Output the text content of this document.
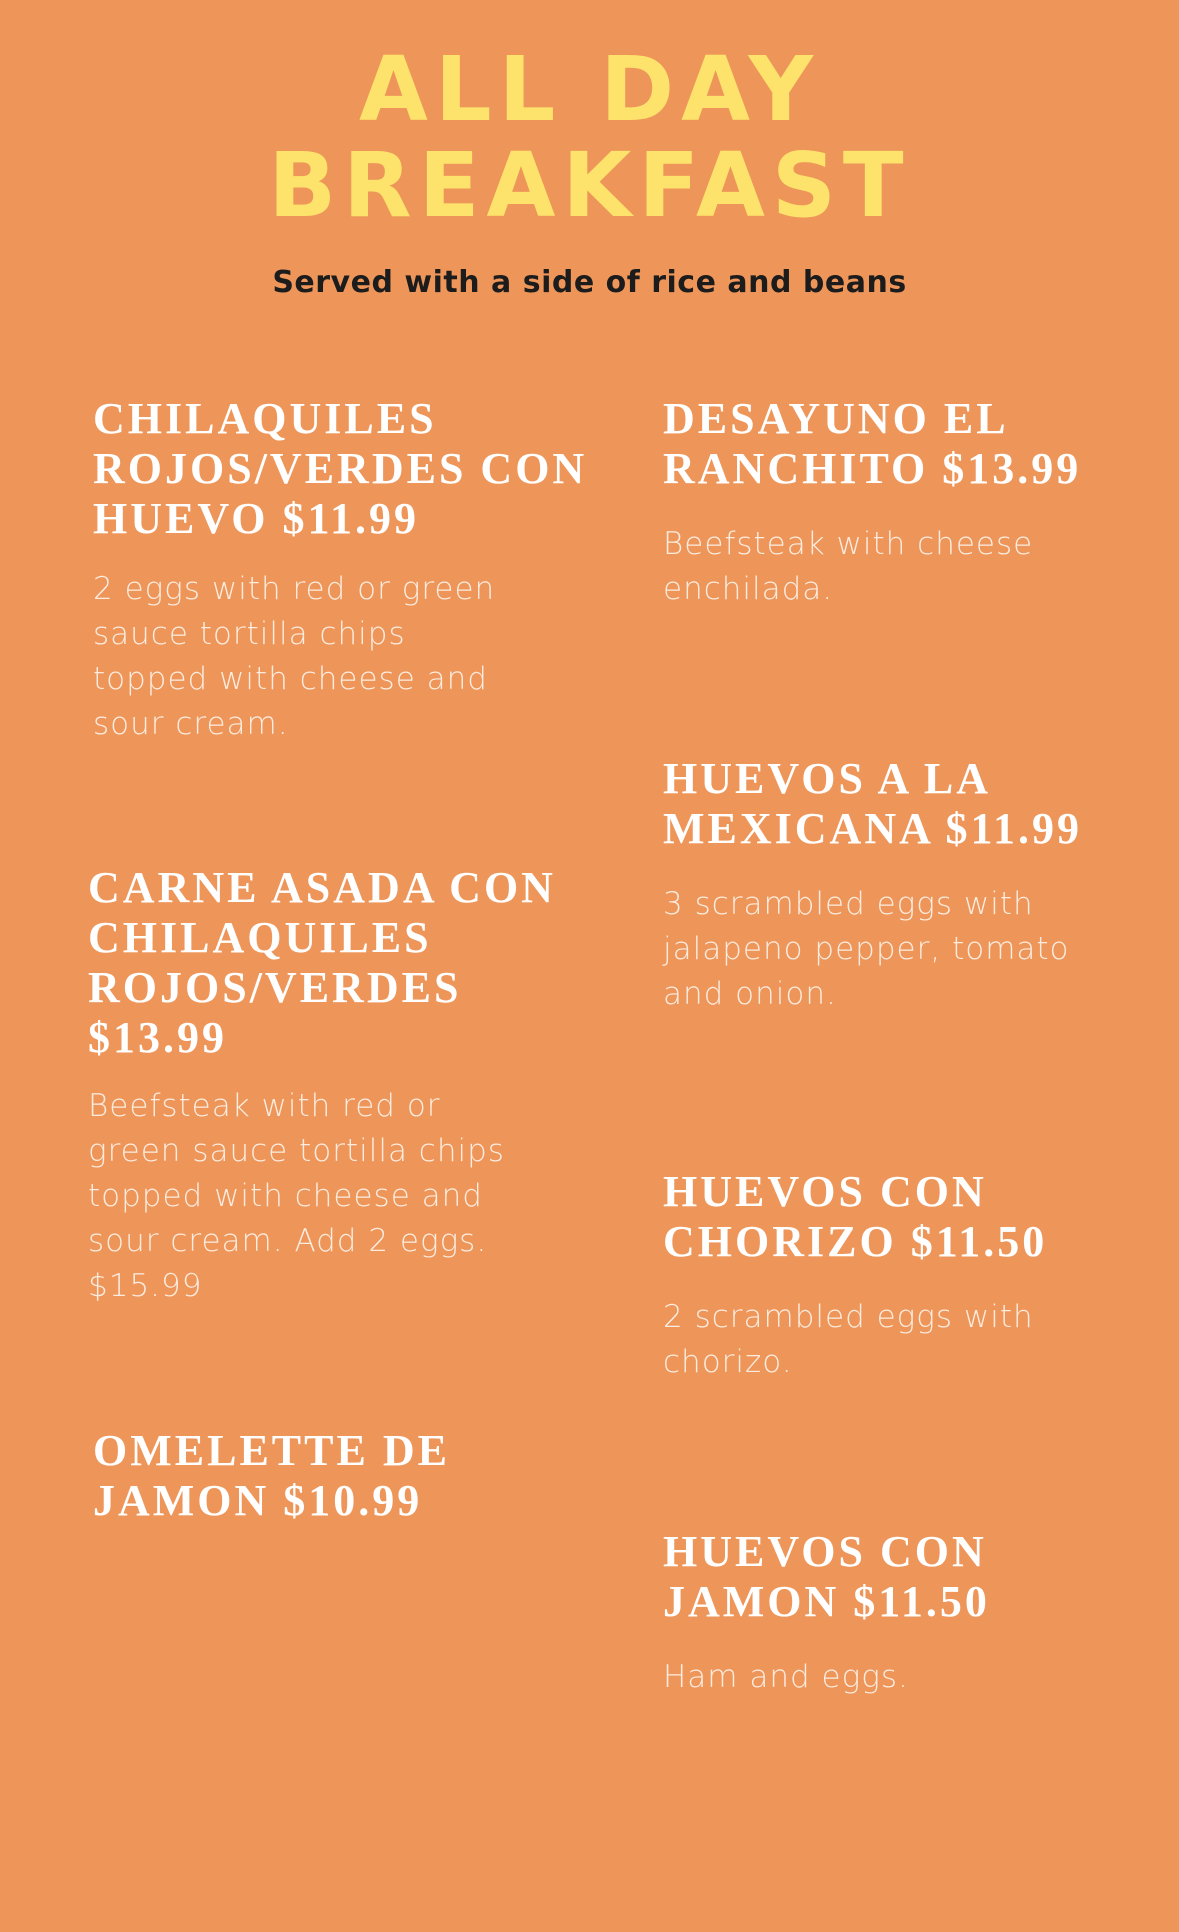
ALL DAY
BREAKFAST
Served with a side of rice and beans
CHILAQUILES
ROJOS/VERDES CON
HUEVO $11.99

2 eggs with red or green
sauce tortilla chips
topped with cheese and
sour cream.

CARNE ASADA CON
CHILAQUILES
ROJOS/VERDES
$13.99

Beefsteak with red or
green sauce tortilla chips
topped with cheese and
sour cream. Add 2 eggs.
$15.99

OMELETTE DE
JAMON $10.99
DESAYUNO EL
RANCHITO $13.99

Beefsteak with cheese
enchilada.

HUEVOS A LA
MEXICANA $11.99

3 scrambled eggs with
jalapeno pepper, tomato
and onion.

HUEVOS CON
CHORIZO $11.50

2 scrambled eggs with
chorizo.

HUEVOS CON
JAMON $11.50

Ham and eggs.
